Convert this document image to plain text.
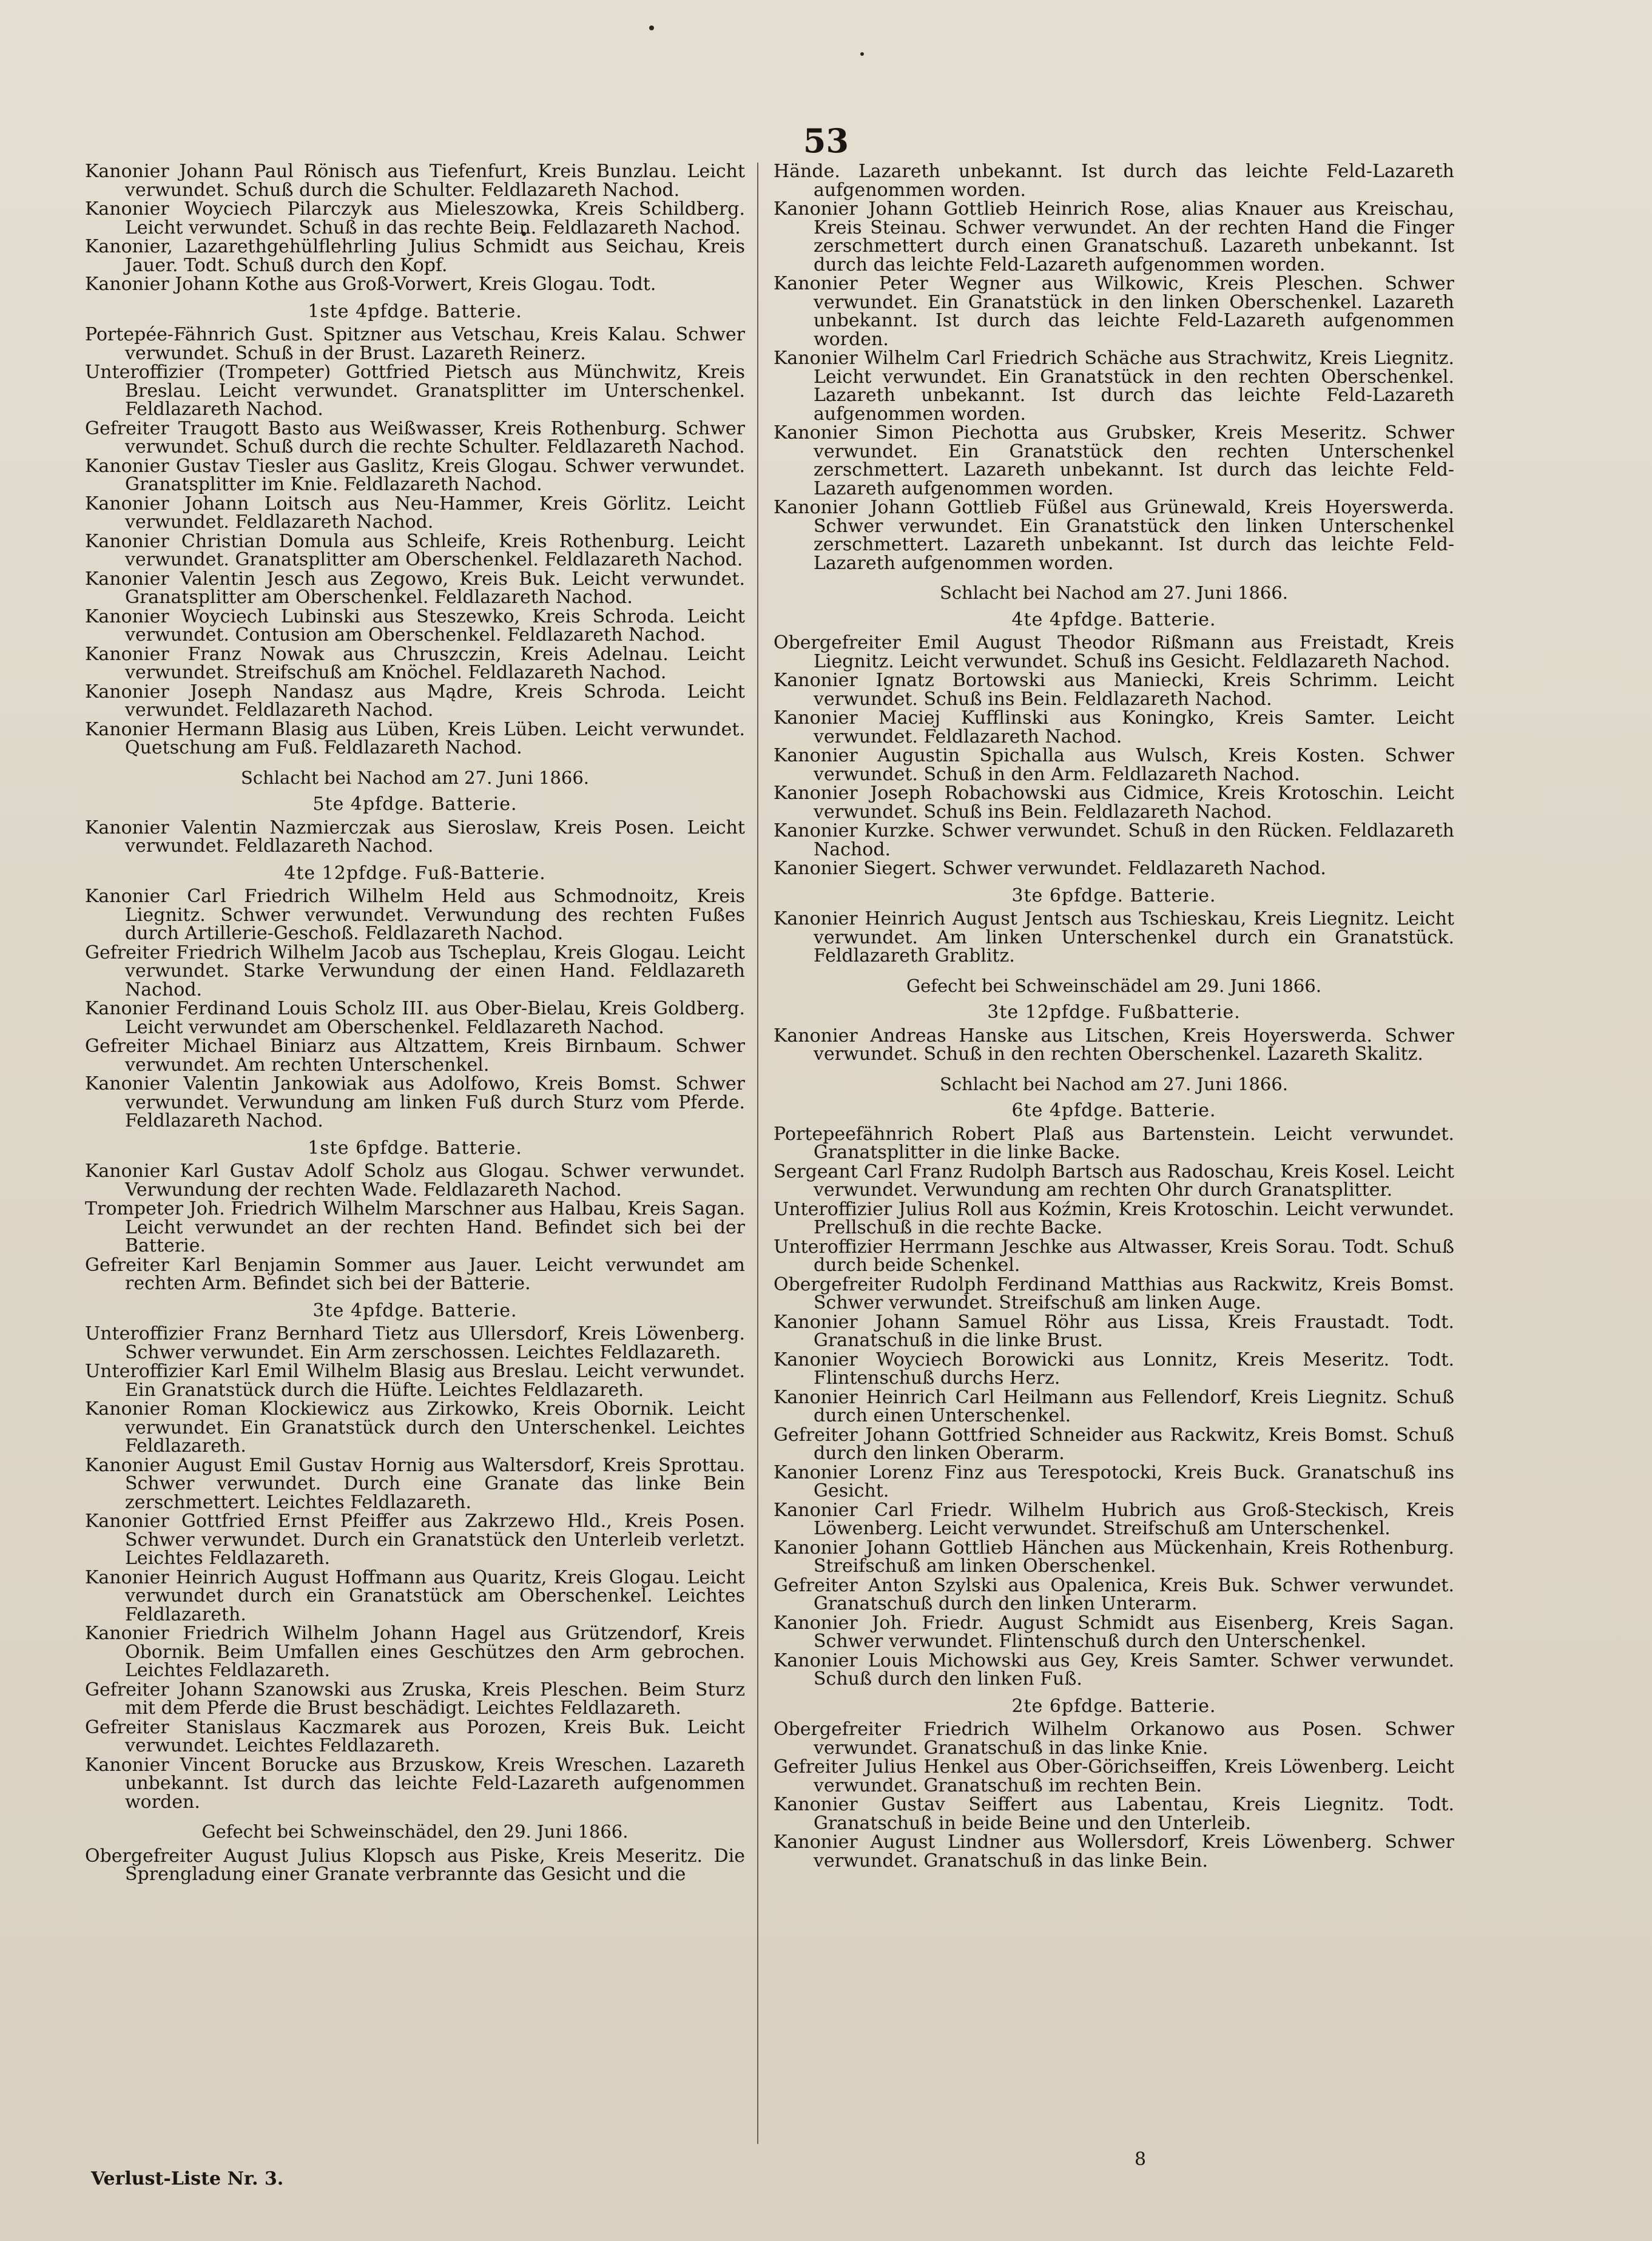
53
Kanonier Johann Paul Rönisch aus Tiefenfurt, Kreis Bunzlau. Leicht verwundet. Schuß durch die Schulter. Feldlazareth Nachod.
Kanonier Woyciech Pilarczyk aus Mieleszowka, Kreis Schildberg. Leicht verwundet. Schuß in das rechte Bein. Feldlazareth Nachod.
Kanonier, Lazarethgehülflehrling Julius Schmidt aus Seichau, Kreis Jauer. Todt. Schuß durch den Kopf.
Kanonier Johann Kothe aus Groß-Vorwert, Kreis Glogau. Todt.
1ste 4pfdge. Batterie.
Portepée-Fähnrich Gust. Spitzner aus Vetschau, Kreis Kalau. Schwer verwundet. Schuß in der Brust. Lazareth Reinerz.
Unteroffizier (Trompeter) Gottfried Pietsch aus Münchwitz, Kreis Breslau. Leicht verwundet. Granatsplitter im Unterschenkel. Feldlazareth Nachod.
Gefreiter Traugott Basto aus Weißwasser, Kreis Rothenburg. Schwer verwundet. Schuß durch die rechte Schulter. Feldlazareth Nachod.
Kanonier Gustav Tiesler aus Gaslitz, Kreis Glogau. Schwer verwundet. Granatsplitter im Knie. Feldlazareth Nachod.
Kanonier Johann Loitsch aus Neu-Hammer, Kreis Görlitz. Leicht verwundet. Feldlazareth Nachod.
Kanonier Christian Domula aus Schleife, Kreis Rothenburg. Leicht verwundet. Granatsplitter am Oberschenkel. Feldlazareth Nachod.
Kanonier Valentin Jesch aus Zegowo, Kreis Buk. Leicht verwundet. Granatsplitter am Oberschenkel. Feldlazareth Nachod.
Kanonier Woyciech Lubinski aus Steszewko, Kreis Schroda. Leicht verwundet. Contusion am Oberschenkel. Feldlazareth Nachod.
Kanonier Franz Nowak aus Chruszczin, Kreis Adelnau. Leicht verwundet. Streifschuß am Knöchel. Feldlazareth Nachod.
Kanonier Joseph Nandasz aus Mądre, Kreis Schroda. Leicht verwundet. Feldlazareth Nachod.
Kanonier Hermann Blasig aus Lüben, Kreis Lüben. Leicht verwundet. Quetschung am Fuß. Feldlazareth Nachod.
Schlacht bei Nachod am 27. Juni 1866.
5te 4pfdge. Batterie.
Kanonier Valentin Nazmierczak aus Sieroslaw, Kreis Posen. Leicht verwundet. Feldlazareth Nachod.
4te 12pfdge. Fuß-Batterie.
Kanonier Carl Friedrich Wilhelm Held aus Schmodnoitz, Kreis Liegnitz. Schwer verwundet. Verwundung des rechten Fußes durch Artillerie-Geschoß. Feldlazareth Nachod.
Gefreiter Friedrich Wilhelm Jacob aus Tscheplau, Kreis Glogau. Leicht verwundet. Starke Verwundung der einen Hand. Feldlazareth Nachod.
Kanonier Ferdinand Louis Scholz III. aus Ober-Bielau, Kreis Goldberg. Leicht verwundet am Oberschenkel. Feldlazareth Nachod.
Gefreiter Michael Biniarz aus Altzattem, Kreis Birnbaum. Schwer verwundet. Am rechten Unterschenkel.
Kanonier Valentin Jankowiak aus Adolfowo, Kreis Bomst. Schwer verwundet. Verwundung am linken Fuß durch Sturz vom Pferde. Feldlazareth Nachod.
1ste 6pfdge. Batterie.
Kanonier Karl Gustav Adolf Scholz aus Glogau. Schwer verwundet. Verwundung der rechten Wade. Feldlazareth Nachod.
Trompeter Joh. Friedrich Wilhelm Marschner aus Halbau, Kreis Sagan. Leicht verwundet an der rechten Hand. Befindet sich bei der Batterie.
Gefreiter Karl Benjamin Sommer aus Jauer. Leicht verwundet am rechten Arm. Befindet sich bei der Batterie.
3te 4pfdge. Batterie.
Unteroffizier Franz Bernhard Tietz aus Ullersdorf, Kreis Löwenberg. Schwer verwundet. Ein Arm zerschossen. Leichtes Feldlazareth.
Unteroffizier Karl Emil Wilhelm Blasig aus Breslau. Leicht verwundet. Ein Granatstück durch die Hüfte. Leichtes Feldlazareth.
Kanonier Roman Klockiewicz aus Zirkowko, Kreis Obornik. Leicht verwundet. Ein Granatstück durch den Unterschenkel. Leichtes Feldlazareth.
Kanonier August Emil Gustav Hornig aus Waltersdorf, Kreis Sprottau. Schwer verwundet. Durch eine Granate das linke Bein zerschmettert. Leichtes Feldlazareth.
Kanonier Gottfried Ernst Pfeiffer aus Zakrzewo Hld., Kreis Posen. Schwer verwundet. Durch ein Granatstück den Unterleib verletzt. Leichtes Feldlazareth.
Kanonier Heinrich August Hoffmann aus Quaritz, Kreis Glogau. Leicht verwundet durch ein Granatstück am Oberschenkel. Leichtes Feldlazareth.
Kanonier Friedrich Wilhelm Johann Hagel aus Grützendorf, Kreis Obornik. Beim Umfallen eines Geschützes den Arm gebrochen. Leichtes Feldlazareth.
Gefreiter Johann Szanowski aus Zruska, Kreis Pleschen. Beim Sturz mit dem Pferde die Brust beschädigt. Leichtes Feldlazareth.
Gefreiter Stanislaus Kaczmarek aus Porozen, Kreis Buk. Leicht verwundet. Leichtes Feldlazareth.
Kanonier Vincent Borucke aus Brzuskow, Kreis Wreschen. Lazareth unbekannt. Ist durch das leichte Feld-Lazareth aufgenommen worden.
Gefecht bei Schweinschädel, den 29. Juni 1866.
Obergefreiter August Julius Klopsch aus Piske, Kreis Meseritz. Die Sprengladung einer Granate verbrannte das Gesicht und die
Hände. Lazareth unbekannt. Ist durch das leichte Feld-Lazareth aufgenommen worden.
Kanonier Johann Gottlieb Heinrich Rose, alias Knauer aus Kreischau, Kreis Steinau. Schwer verwundet. An der rechten Hand die Finger zerschmettert durch einen Granatschuß. Lazareth unbekannt. Ist durch das leichte Feld-Lazareth aufgenommen worden.
Kanonier Peter Wegner aus Wilkowic, Kreis Pleschen. Schwer verwundet. Ein Granatstück in den linken Oberschenkel. Lazareth unbekannt. Ist durch das leichte Feld-Lazareth aufgenommen worden.
Kanonier Wilhelm Carl Friedrich Schäche aus Strachwitz, Kreis Liegnitz. Leicht verwundet. Ein Granatstück in den rechten Oberschenkel. Lazareth unbekannt. Ist durch das leichte Feld-Lazareth aufgenommen worden.
Kanonier Simon Piechotta aus Grubsker, Kreis Meseritz. Schwer verwundet. Ein Granatstück den rechten Unterschenkel zerschmettert. Lazareth unbekannt. Ist durch das leichte Feld-Lazareth aufgenommen worden.
Kanonier Johann Gottlieb Füßel aus Grünewald, Kreis Hoyerswerda. Schwer verwundet. Ein Granatstück den linken Unterschenkel zerschmettert. Lazareth unbekannt. Ist durch das leichte Feld-Lazareth aufgenommen worden.
Schlacht bei Nachod am 27. Juni 1866.
4te 4pfdge. Batterie.
Obergefreiter Emil August Theodor Rißmann aus Freistadt, Kreis Liegnitz. Leicht verwundet. Schuß ins Gesicht. Feldlazareth Nachod.
Kanonier Ignatz Bortowski aus Maniecki, Kreis Schrimm. Leicht verwundet. Schuß ins Bein. Feldlazareth Nachod.
Kanonier Maciej Kufflinski aus Koningko, Kreis Samter. Leicht verwundet. Feldlazareth Nachod.
Kanonier Augustin Spichalla aus Wulsch, Kreis Kosten. Schwer verwundet. Schuß in den Arm. Feldlazareth Nachod.
Kanonier Joseph Robachowski aus Cidmice, Kreis Krotoschin. Leicht verwundet. Schuß ins Bein. Feldlazareth Nachod.
Kanonier Kurzke. Schwer verwundet. Schuß in den Rücken. Feldlazareth Nachod.
Kanonier Siegert. Schwer verwundet. Feldlazareth Nachod.
3te 6pfdge. Batterie.
Kanonier Heinrich August Jentsch aus Tschieskau, Kreis Liegnitz. Leicht verwundet. Am linken Unterschenkel durch ein Granatstück. Feldlazareth Grablitz.
Gefecht bei Schweinschädel am 29. Juni 1866.
3te 12pfdge. Fußbatterie.
Kanonier Andreas Hanske aus Litschen, Kreis Hoyerswerda. Schwer verwundet. Schuß in den rechten Oberschenkel. Lazareth Skalitz.
Schlacht bei Nachod am 27. Juni 1866.
6te 4pfdge. Batterie.
Portepeefähnrich Robert Plaß aus Bartenstein. Leicht verwundet. Granatsplitter in die linke Backe.
Sergeant Carl Franz Rudolph Bartsch aus Radoschau, Kreis Kosel. Leicht verwundet. Verwundung am rechten Ohr durch Granatsplitter.
Unteroffizier Julius Roll aus Koźmin, Kreis Krotoschin. Leicht verwundet. Prellschuß in die rechte Backe.
Unteroffizier Herrmann Jeschke aus Altwasser, Kreis Sorau. Todt. Schuß durch beide Schenkel.
Obergefreiter Rudolph Ferdinand Matthias aus Rackwitz, Kreis Bomst. Schwer verwundet. Streifschuß am linken Auge.
Kanonier Johann Samuel Röhr aus Lissa, Kreis Fraustadt. Todt. Granatschuß in die linke Brust.
Kanonier Woyciech Borowicki aus Lonnitz, Kreis Meseritz. Todt. Flintenschuß durchs Herz.
Kanonier Heinrich Carl Heilmann aus Fellendorf, Kreis Liegnitz. Schuß durch einen Unterschenkel.
Gefreiter Johann Gottfried Schneider aus Rackwitz, Kreis Bomst. Schuß durch den linken Oberarm.
Kanonier Lorenz Finz aus Terespotocki, Kreis Buck. Granatschuß ins Gesicht.
Kanonier Carl Friedr. Wilhelm Hubrich aus Groß-Steckisch, Kreis Löwenberg. Leicht verwundet. Streifschuß am Unterschenkel.
Kanonier Johann Gottlieb Hänchen aus Mückenhain, Kreis Rothenburg. Streifschuß am linken Oberschenkel.
Gefreiter Anton Szylski aus Opalenica, Kreis Buk. Schwer verwundet. Granatschuß durch den linken Unterarm.
Kanonier Joh. Friedr. August Schmidt aus Eisenberg, Kreis Sagan. Schwer verwundet. Flintenschuß durch den Unterschenkel.
Kanonier Louis Michowski aus Gey, Kreis Samter. Schwer verwundet. Schuß durch den linken Fuß.
2te 6pfdge. Batterie.
Obergefreiter Friedrich Wilhelm Orkanowo aus Posen. Schwer verwundet. Granatschuß in das linke Knie.
Gefreiter Julius Henkel aus Ober-Görichseiffen, Kreis Löwenberg. Leicht verwundet. Granatschuß im rechten Bein.
Kanonier Gustav Seiffert aus Labentau, Kreis Liegnitz. Todt. Granatschuß in beide Beine und den Unterleib.
Kanonier August Lindner aus Wollersdorf, Kreis Löwenberg. Schwer verwundet. Granatschuß in das linke Bein.
Verlust-Liste Nr. 3.
8
